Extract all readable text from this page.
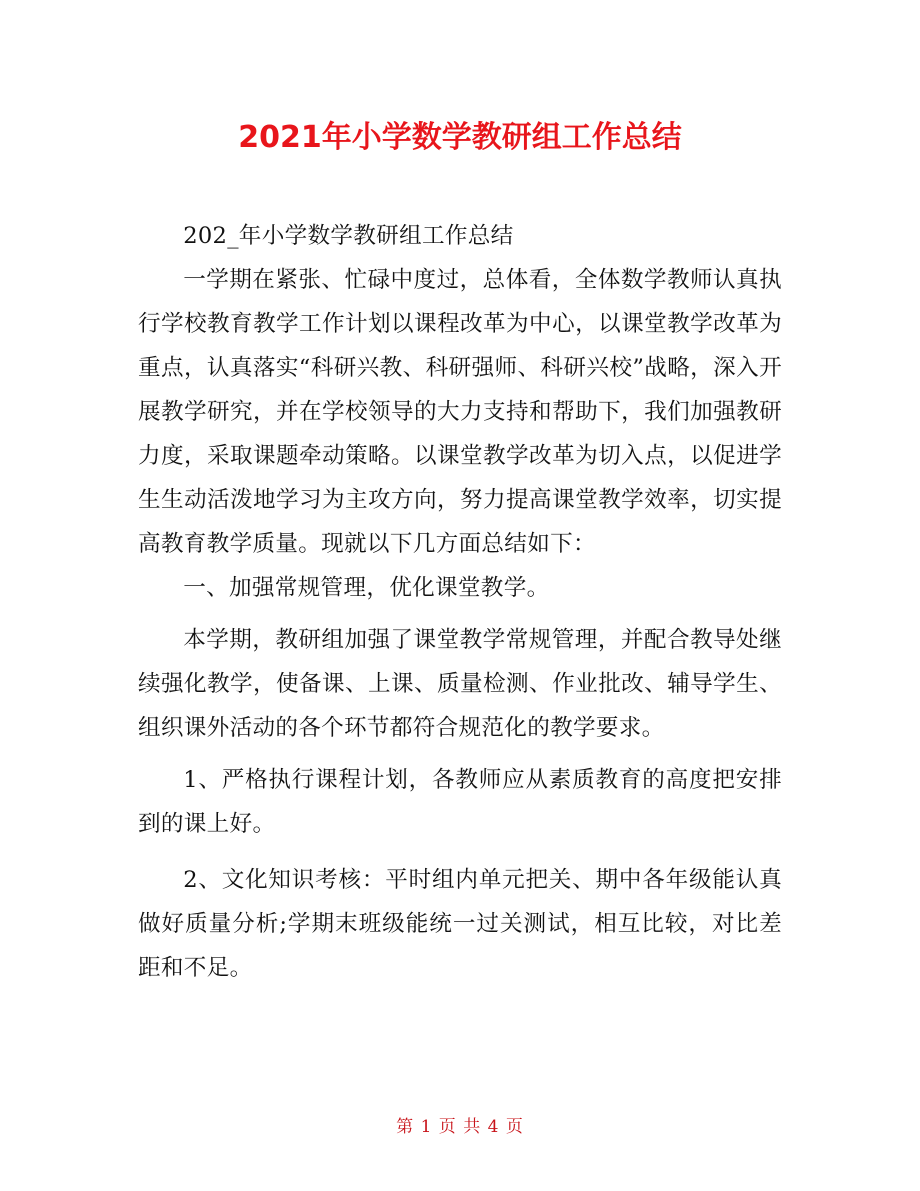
2021年小学数学教研组工作总结

202_年小学数学教研组工作总结

一学期在紧张、忙碌中度过，总体看，全体数学教师认真执行学校教育教学工作计划以课程改革为中心，以课堂教学改革为重点，认真落实“科研兴教、科研强师、科研兴校”战略，深入开展教学研究，并在学校领导的大力支持和帮助下，我们加强教研力度，采取课题牵动策略。以课堂教学改革为切入点，以促进学生生动活泼地学习为主攻方向，努力提高课堂教学效率，切实提高教育教学质量。现就以下几方面总结如下：

一、加强常规管理，优化课堂教学。

本学期，教研组加强了课堂教学常规管理，并配合教导处继续强化教学，使备课、上课、质量检测、作业批改、辅导学生、组织课外活动的各个环节都符合规范化的教学要求。

1、严格执行课程计划，各教师应从素质教育的高度把安排到的课上好。

2、文化知识考核：平时组内单元把关、期中各年级能认真做好质量分析;学期末班级能统一过关测试，相互比较，对比差距和不足。

第 1 页 共 4 页
